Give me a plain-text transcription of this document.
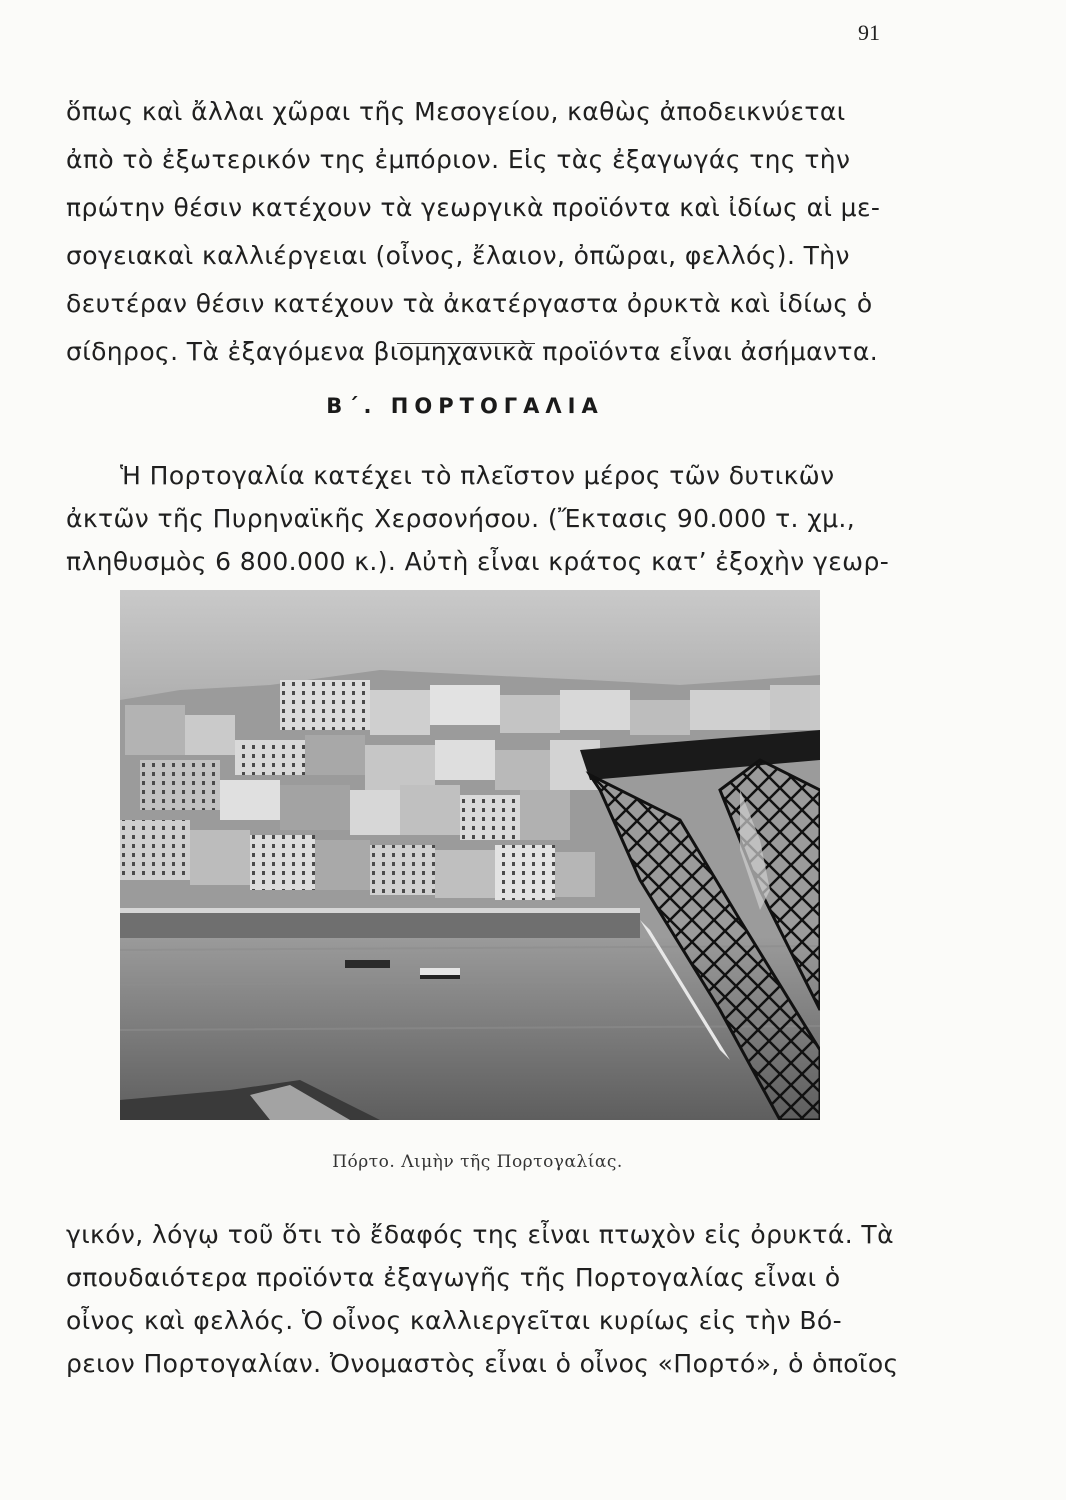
91
ὅπως καὶ ἄλλαι χῶραι τῆς Μεσογείου, καθὼς ἀποδεικνύεται
ἀπὸ τὸ ἐξωτερικόν της ἐμπόριον. Εἰς τὰς ἐξαγωγάς της τὴν
πρώτην θέσιν κατέχουν τὰ γεωργικὰ προϊόντα καὶ ἰδίως αἱ με-
σογειακαὶ καλλιέργειαι (οἶνος, ἔλαιον, ὀπῶραι, φελλός). Τὴν
δευτέραν θέσιν κατέχουν τὰ ἀκατέργαστα ὀρυκτὰ καὶ ἰδίως ὁ
σίδηρος. Τὰ ἐξαγόμενα βιομηχανικὰ προϊόντα εἶναι ἀσήμαντα.
Β΄. ΠΟΡΤΟΓΑΛΙΑ
Ἡ Πορτογαλία κατέχει τὸ πλεῖστον μέρος τῶν δυτικῶν
ἀκτῶν τῆς Πυρηναϊκῆς Χερσονήσου. (Ἔκτασις 90.000 τ. χμ.,
πληθυσμὸς 6 800.000 κ.). Αὐτὴ εἶναι κράτος κατ’ ἐξοχὴν γεωρ-
Πόρτο. Λιμὴν τῆς Πορτογαλίας.
γικόν, λόγῳ τοῦ ὅτι τὸ ἔδαφός της εἶναι πτωχὸν εἰς ὀρυκτά. Τὰ
σπουδαιότερα προϊόντα ἐξαγωγῆς τῆς Πορτογαλίας εἶναι ὁ
οἶνος καὶ φελλός. Ὁ οἶνος καλλιεργεῖται κυρίως εἰς τὴν Βό-
ρειον Πορτογαλίαν. Ὀνομαστὸς εἶναι ὁ οἶνος «Πορτό», ὁ ὁποῖος
